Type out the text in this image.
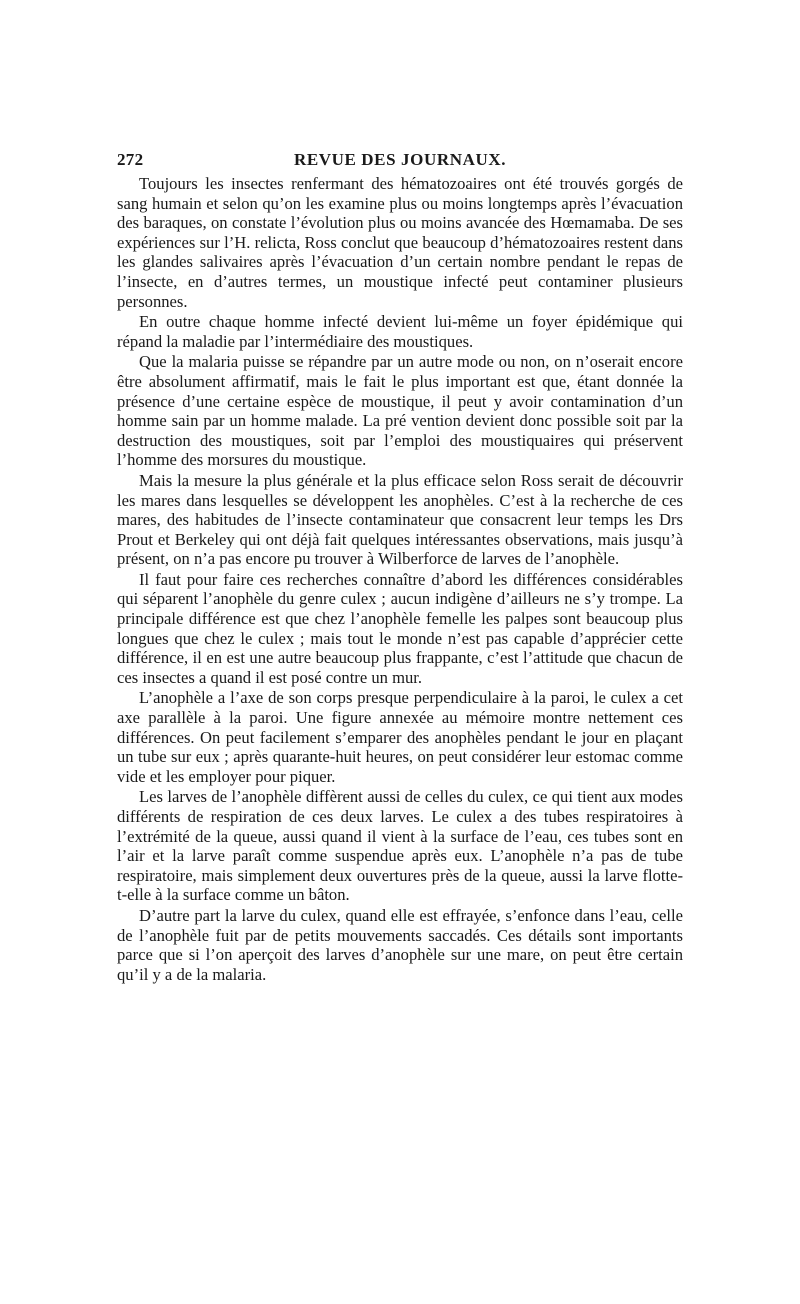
272	REVUE DES JOURNAUX.

Toujours les insectes renfermant des hématozoaires ont été trouvés gorgés de sang humain et selon qu’on les examine plus ou moins longtemps après l’évacuation des baraques, on constate l’évolution plus ou moins avancée des Hœmamaba. De ses expériences sur l’H. relicta, Ross conclut que beaucoup d’hématozoaires restent dans les glandes salivaires après l’évacuation d’un certain nombre pendant le repas de l’insecte, en d’autres termes, un moustique infecté peut contaminer plusieurs personnes.

En outre chaque homme infecté devient lui-même un foyer épidémique qui répand la maladie par l’intermédiaire des moustiques.

Que la malaria puisse se répandre par un autre mode ou non, on n’oserait encore être absolument affirmatif, mais le fait le plus important est que, étant donnée la présence d’une certaine espèce de moustique, il peut y avoir contamination d’un homme sain par un homme malade. La pré vention devient donc possible soit par la destruction des moustiques, soit par l’emploi des moustiquaires qui préservent l’homme des morsures du moustique.

Mais la mesure la plus générale et la plus efficace selon Ross serait de découvrir les mares dans lesquelles se développent les anophèles. C’est à la recherche de ces mares, des habitudes de l’insecte contaminateur que consacrent leur temps les Drs Prout et Berkeley qui ont déjà fait quelques intéressantes observations, mais jusqu’à présent, on n’a pas encore pu trouver à Wilberforce de larves de l’anophèle.

Il faut pour faire ces recherches connaître d’abord les différences considérables qui séparent l’anophèle du genre culex ; aucun indigène d’ailleurs ne s’y trompe. La principale différence est que chez l’anophèle femelle les palpes sont beaucoup plus longues que chez le culex ; mais tout le monde n’est pas capable d’apprécier cette différence, il en est une autre beaucoup plus frappante, c’est l’attitude que chacun de ces insectes a quand il est posé contre un mur.

L’anophèle a l’axe de son corps presque perpendiculaire à la paroi, le culex a cet axe parallèle à la paroi. Une figure annexée au mémoire montre nettement ces différences. On peut facilement s’emparer des anophèles pendant le jour en plaçant un tube sur eux ; après quarante-huit heures, on peut considérer leur estomac comme vide et les employer pour piquer.

Les larves de l’anophèle diffèrent aussi de celles du culex, ce qui tient aux modes différents de respiration de ces deux larves. Le culex a des tubes respiratoires à l’extrémité de la queue, aussi quand il vient à la surface de l’eau, ces tubes sont en l’air et la larve paraît comme suspendue après eux. L’anophèle n’a pas de tube respiratoire, mais simplement deux ouvertures près de la queue, aussi la larve flotte-t-elle à la surface comme un bâton.

D’autre part la larve du culex, quand elle est effrayée, s’enfonce dans l’eau, celle de l’anophèle fuit par de petits mouvements saccadés. Ces détails sont importants parce que si l’on aperçoit des larves d’anophèle sur une mare, on peut être certain qu’il y a de la malaria.
